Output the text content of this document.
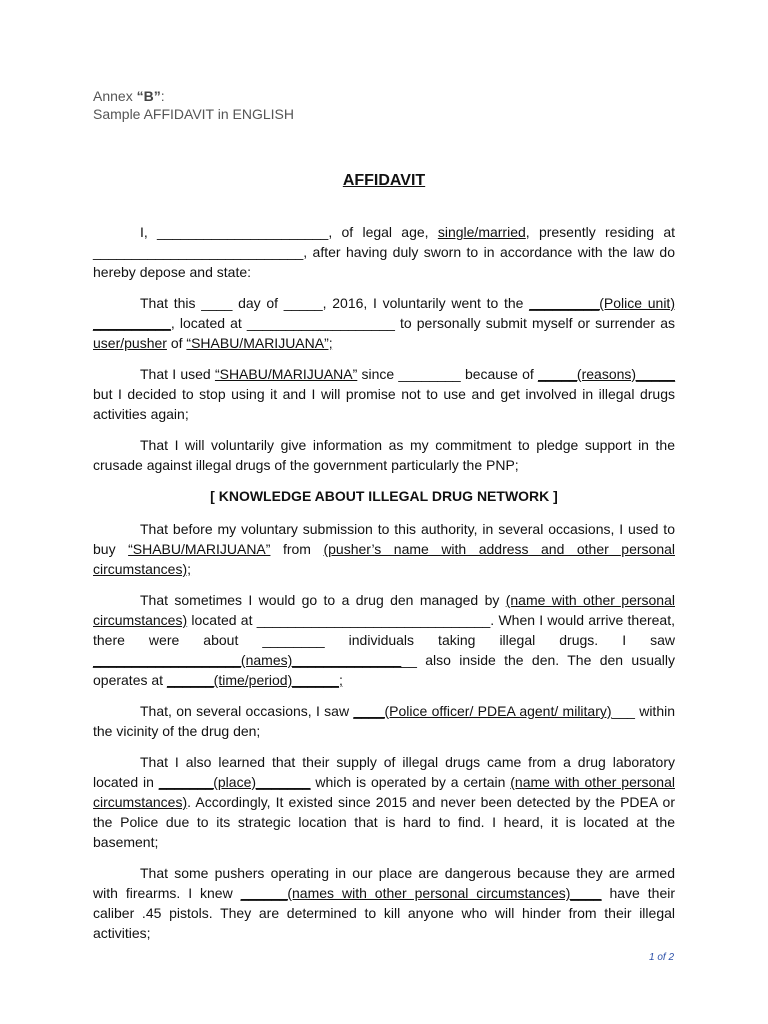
Annex “B”:
Sample AFFIDAVIT in ENGLISH
AFFIDAVIT

I, ______________________, of legal age, single/married, presently residing at ___________________________, after having duly sworn to in accordance with the law do hereby depose and state:

That this ____ day of _____, 2016, I voluntarily went to the _________(Police unit) __________, located at ___________________ to personally submit myself or surrender as user/pusher of “SHABU/MARIJUANA”;

That I used “SHABU/MARIJUANA” since ________ because of _____(reasons)_____ but I decided to stop using it and I will promise not to use and get involved in illegal drugs activities again;

That I will voluntarily give information as my commitment to pledge support in the crusade against illegal drugs of the government particularly the PNP;

[ KNOWLEDGE ABOUT ILLEGAL DRUG NETWORK ]

That before my voluntary submission to this authority, in several occasions, I used to buy “SHABU/MARIJUANA” from (pusher’s name with address and other personal circumstances);

That sometimes I would go to a drug den managed by (name with other personal circumstances) located at ______________________________. When I would arrive thereat, there were about ________ individuals taking illegal drugs. I saw ___________________(names)________________ also inside the den. The den usually operates at ______(time/period)______;

That, on several occasions, I saw ____(Police officer/ PDEA agent/ military)___ within the vicinity of the drug den;

That I also learned that their supply of illegal drugs came from a drug laboratory located in _______(place)_______ which is operated by a certain (name with other personal circumstances). Accordingly, It existed since 2015 and never been detected by the PDEA or the Police due to its strategic location that is hard to find. I heard, it is located at the basement;

That some pushers operating in our place are dangerous because they are armed with firearms. I knew ______(names with other personal circumstances)____ have their caliber .45 pistols. They are determined to kill anyone who will hinder from their illegal activities;

1 of 2
